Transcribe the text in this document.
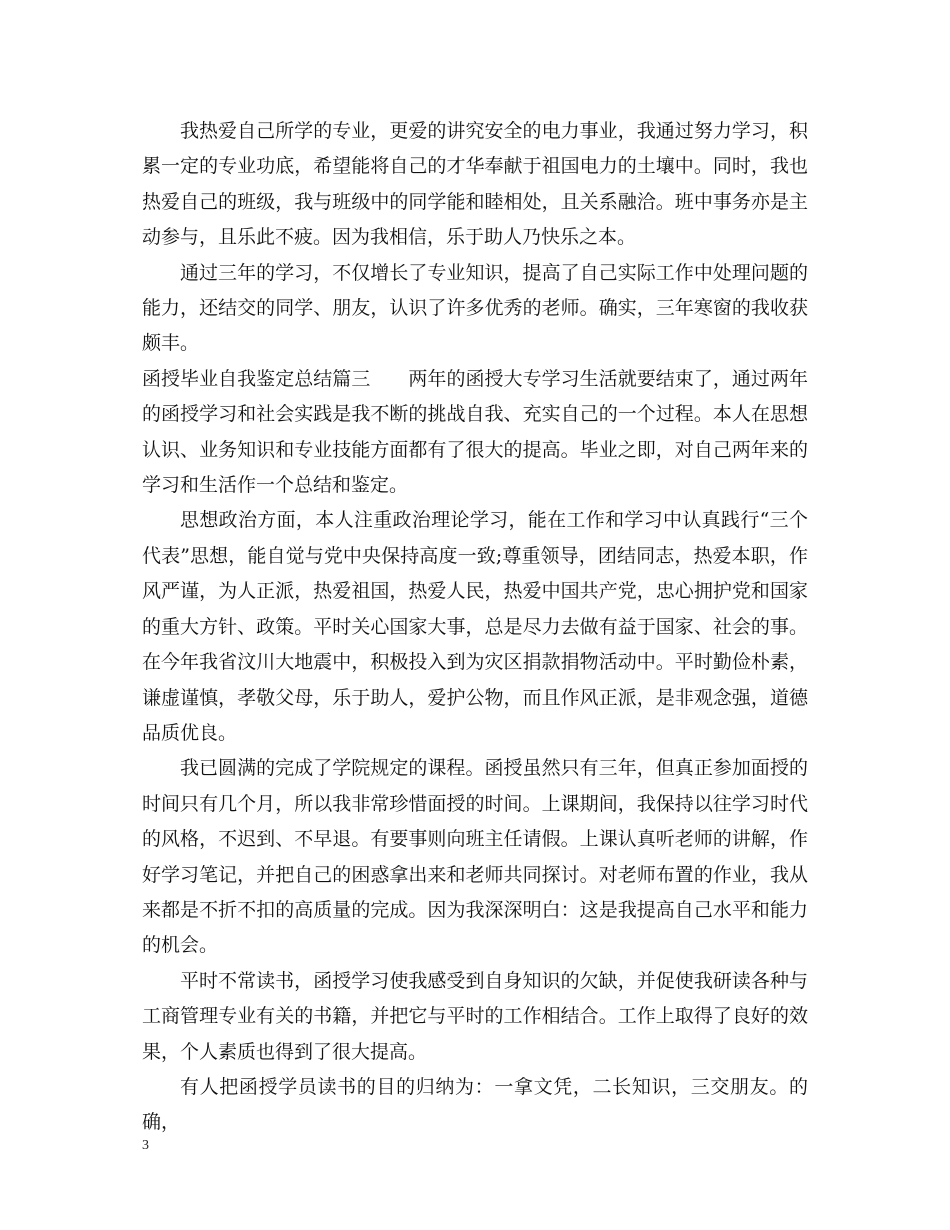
我热爱自己所学的专业，更爱的讲究安全的电力事业，我通过努力学习，积累一定的专业功底，希望能将自己的才华奉献于祖国电力的土壤中。同时，我也热爱自己的班级，我与班级中的同学能和睦相处，且关系融洽。班中事务亦是主动参与，且乐此不疲。因为我相信，乐于助人乃快乐之本。

通过三年的学习，不仅增长了专业知识，提高了自己实际工作中处理问题的能力，还结交的同学、朋友，认识了许多优秀的老师。确实，三年寒窗的我收获颇丰。

函授毕业自我鉴定总结篇三 两年的函授大专学习生活就要结束了，通过两年的函授学习和社会实践是我不断的挑战自我、充实自己的一个过程。本人在思想认识、业务知识和专业技能方面都有了很大的提高。毕业之即，对自己两年来的学习和生活作一个总结和鉴定。

思想政治方面，本人注重政治理论学习，能在工作和学习中认真践行“三个代表”思想，能自觉与党中央保持高度一致;尊重领导，团结同志，热爱本职，作风严谨，为人正派，热爱祖国，热爱人民，热爱中国共产党，忠心拥护党和国家的重大方针、政策。平时关心国家大事，总是尽力去做有益于国家、社会的事。在今年我省汶川大地震中，积极投入到为灾区捐款捐物活动中。平时勤俭朴素，谦虚谨慎，孝敬父母，乐于助人，爱护公物，而且作风正派，是非观念强，道德品质优良。

我已圆满的完成了学院规定的课程。函授虽然只有三年，但真正参加面授的时间只有几个月，所以我非常珍惜面授的时间。上课期间，我保持以往学习时代的风格，不迟到、不早退。有要事则向班主任请假。上课认真听老师的讲解，作好学习笔记，并把自己的困惑拿出来和老师共同探讨。对老师布置的作业，我从来都是不折不扣的高质量的完成。因为我深深明白：这是我提高自己水平和能力的机会。

平时不常读书，函授学习使我感受到自身知识的欠缺，并促使我研读各种与工商管理专业有关的书籍，并把它与平时的工作相结合。工作上取得了良好的效果，个人素质也得到了很大提高。

有人把函授学员读书的目的归纳为：一拿文凭，二长知识，三交朋友。的确，

3
